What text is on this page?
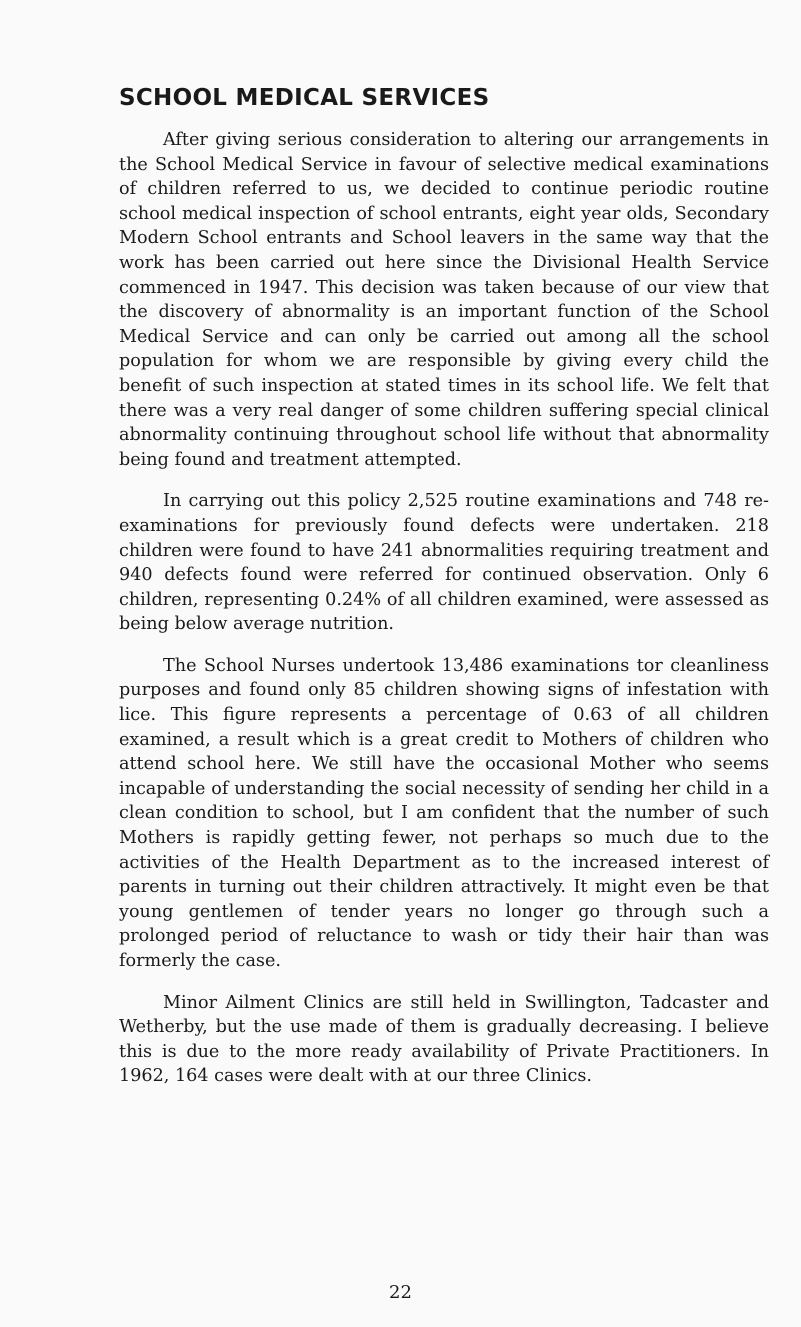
SCHOOL MEDICAL SERVICES

After giving serious consideration to altering our arrangements in the School Medical Service in favour of selective medical examinations of children referred to us, we decided to continue periodic routine school medical inspection of school entrants, eight year olds, Secondary Modern School entrants and School leavers in the same way that the work has been carried out here since the Divisional Health Service commenced in 1947. This decision was taken because of our view that the discovery of abnormality is an important function of the School Medical Service and can only be carried out among all the school population for whom we are responsible by giving every child the benefit of such inspection at stated times in its school life. We felt that there was a very real danger of some children suffering special clinical abnormality continuing throughout school life without that abnormality being found and treatment attempted.

In carrying out this policy 2,525 routine examinations and 748 re-examinations for previously found defects were undertaken. 218 children were found to have 241 abnormalities requiring treatment and 940 defects found were referred for continued observation. Only 6 children, representing 0.24% of all children examined, were assessed as being below average nutrition.

The School Nurses undertook 13,486 examinations tor cleanliness purposes and found only 85 children showing signs of infestation with lice. This figure represents a percentage of 0.63 of all children examined, a result which is a great credit to Mothers of children who attend school here. We still have the occasional Mother who seems incapable of understanding the social necessity of sending her child in a clean condition to school, but I am confident that the number of such Mothers is rapidly getting fewer, not perhaps so much due to the activities of the Health Department as to the increased interest of parents in turning out their children attractively. It might even be that young gentlemen of tender years no longer go through such a prolonged period of reluctance to wash or tidy their hair than was formerly the case.

Minor Ailment Clinics are still held in Swillington, Tadcaster and Wetherby, but the use made of them is gradually decreasing. I believe this is due to the more ready availability of Private Practitioners. In 1962, 164 cases were dealt with at our three Clinics.

22
